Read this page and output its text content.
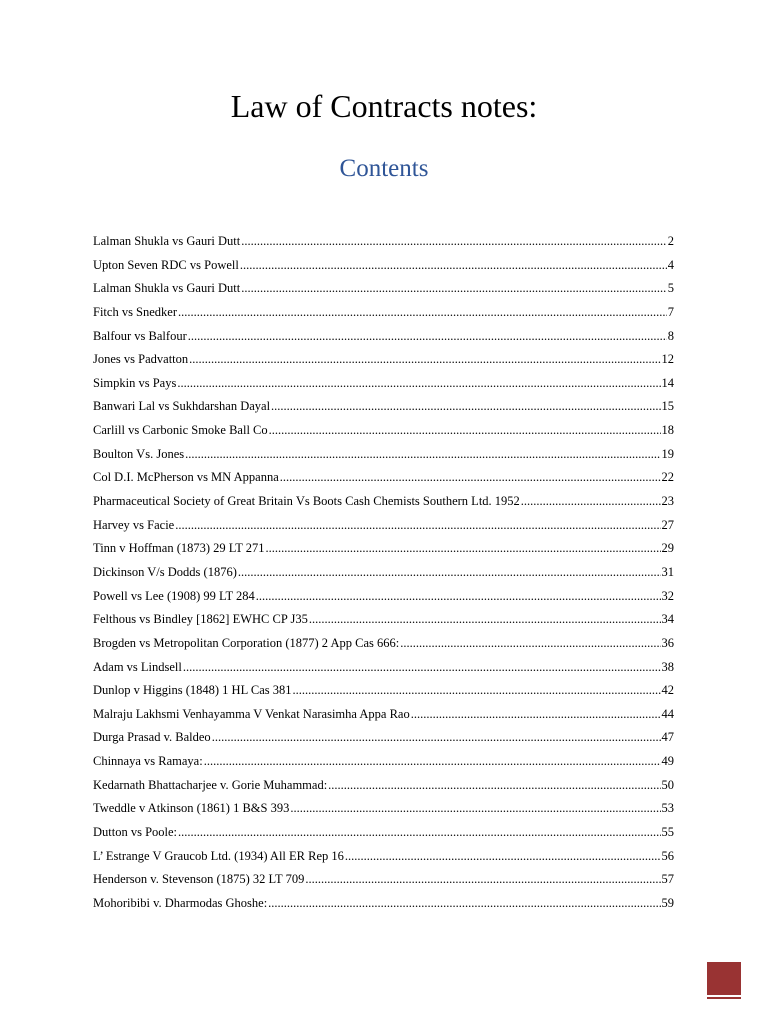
Law of Contracts notes:
Contents
Lalman Shukla vs Gauri Dutt .....	2
Upton Seven RDC vs Powell .....	4
Lalman Shukla vs Gauri Dutt .....	5
Fitch vs Snedker .....	7
Balfour vs Balfour .....	8
Jones vs Padvatton .....	12
Simpkin vs Pays .....	14
Banwari Lal vs Sukhdarshan Dayal .....	15
Carlill vs Carbonic Smoke Ball Co .....	18
Boulton Vs. Jones .....	19
Col D.I. McPherson vs MN Appanna .....	22
Pharmaceutical Society of Great Britain Vs Boots Cash Chemists Southern Ltd. 1952 .....	23
Harvey vs Facie .....	27
Tinn v Hoffman (1873) 29 LT 271 .....	29
Dickinson V/s Dodds (1876) .....	31
Powell vs Lee (1908) 99 LT 284 .....	32
Felthous vs Bindley [1862] EWHC CP J35 .....	34
Brogden vs Metropolitan Corporation (1877) 2 App Cas 666: .....	36
Adam vs Lindsell .....	38
Dunlop v Higgins (1848) 1 HL Cas 381 .....	42
Malraju Lakhsmi Venhayamma V Venkat Narasimha Appa Rao .....	44
Durga Prasad v. Baldeo .....	47
Chinnaya vs Ramaya: .....	49
Kedarnath Bhattacharjee v. Gorie Muhammad: .....	50
Tweddle v Atkinson (1861) 1 B&S 393 .....	53
Dutton vs Poole: .....	55
L’ Estrange V Graucob Ltd. (1934) All ER Rep 16 .....	56
Henderson v. Stevenson (1875) 32 LT 709 .....	57
Mohoribibi v. Dharmodas Ghoshe: .....	59
